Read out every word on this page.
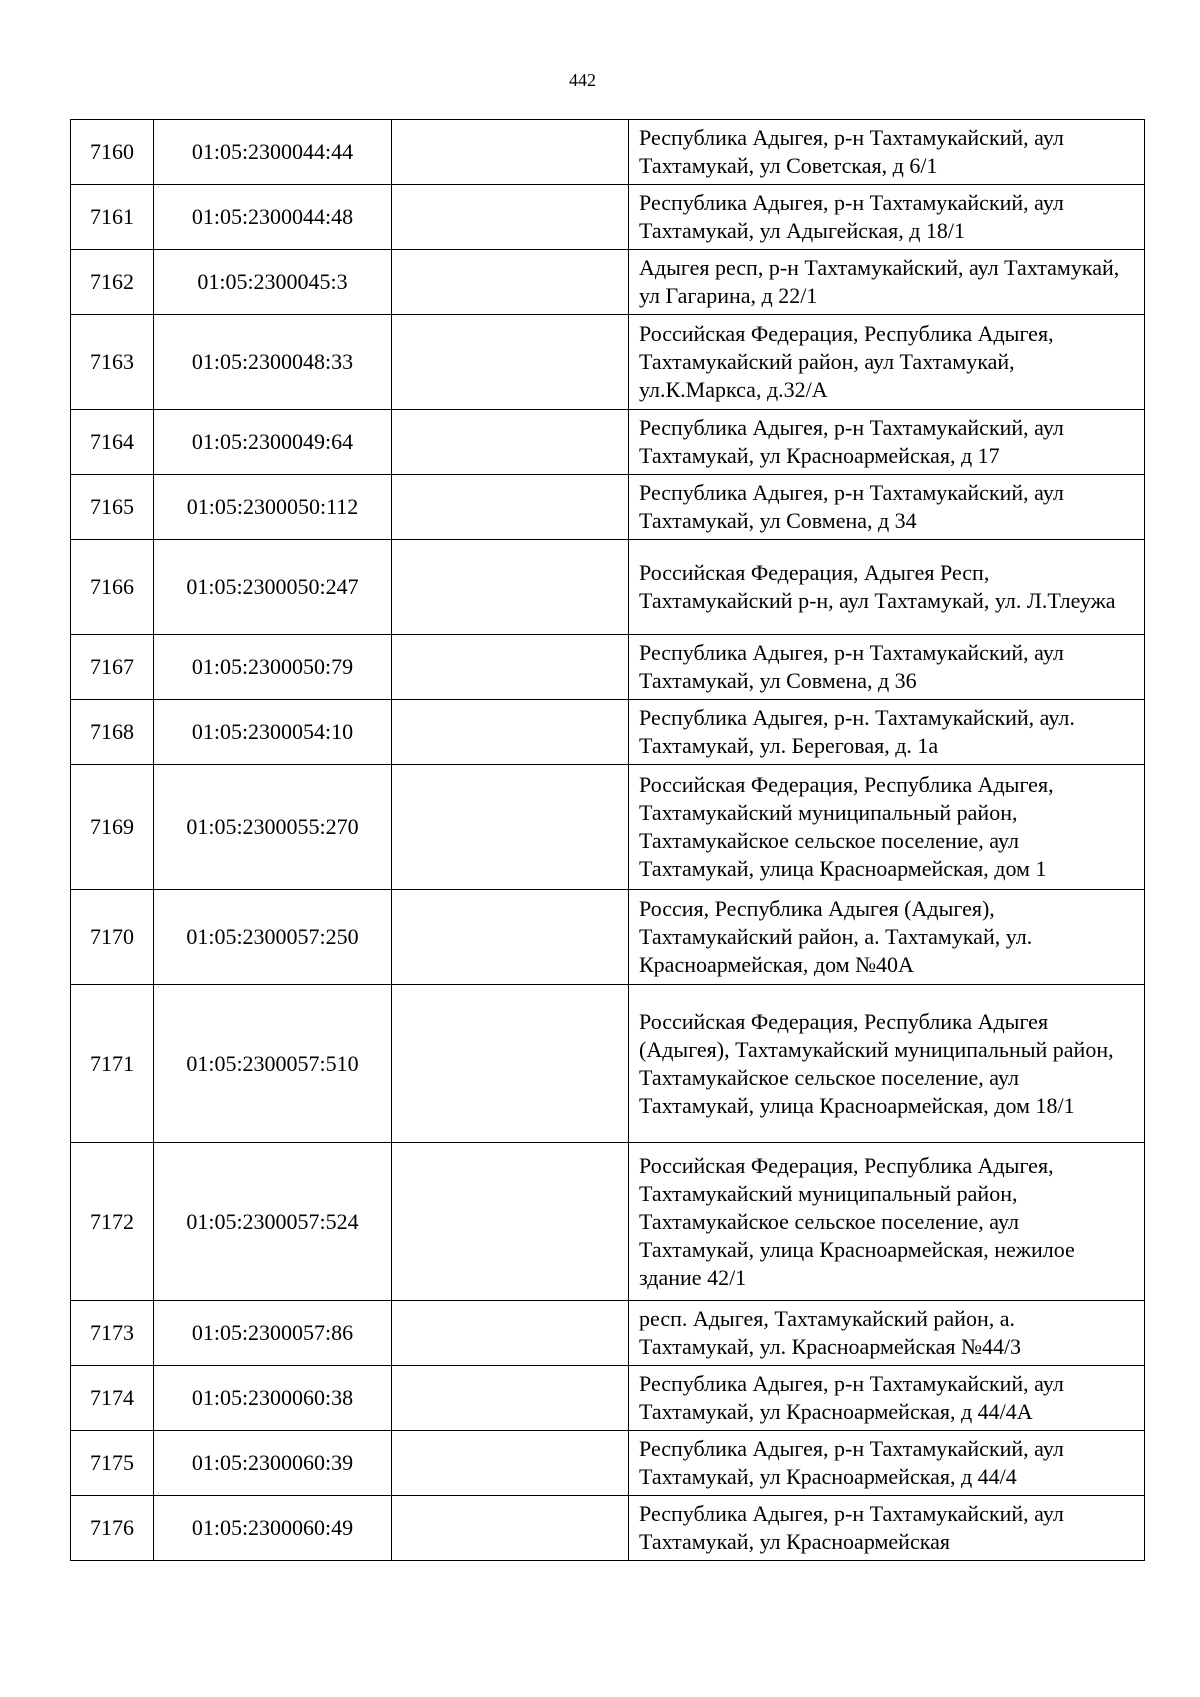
442
7160	01:05:2300044:44		Республика Адыгея, р-н Тахтамукайский, аул Тахтамукай, ул Советская, д 6/1
7161	01:05:2300044:48		Республика Адыгея, р-н Тахтамукайский, аул Тахтамукай, ул Адыгейская, д 18/1
7162	01:05:2300045:3		Адыгея респ, р-н Тахтамукайский, аул Тахтамукай, ул Гагарина, д 22/1
7163	01:05:2300048:33		Российская Федерация, Республика Адыгея, Тахтамукайский район, аул Тахтамукай, ул.К.Маркса, д.32/А
7164	01:05:2300049:64		Республика Адыгея, р-н Тахтамукайский, аул Тахтамукай, ул Красноармейская, д 17
7165	01:05:2300050:112		Республика Адыгея, р-н Тахтамукайский, аул Тахтамукай, ул Совмена, д 34
7166	01:05:2300050:247		Российская Федерация, Адыгея Респ, Тахтамукайский р-н, аул Тахтамукай, ул. Л.Тлеужа
7167	01:05:2300050:79		Республика Адыгея, р-н Тахтамукайский, аул Тахтамукай, ул Совмена, д 36
7168	01:05:2300054:10		Республика Адыгея, р-н. Тахтамукайский, аул. Тахтамукай, ул. Береговая, д. 1а
7169	01:05:2300055:270		Российская Федерация, Республика Адыгея, Тахтамукайский муниципальный район, Тахтамукайское сельское поселение, аул Тахтамукай, улица Красноармейская, дом 1
7170	01:05:2300057:250		Россия, Республика Адыгея (Адыгея), Тахтамукайский район, а. Тахтамукай, ул. Красноармейская, дом №40А
7171	01:05:2300057:510		Российская Федерация, Республика Адыгея (Адыгея), Тахтамукайский муниципальный район, Тахтамукайское сельское поселение, аул Тахтамукай, улица Красноармейская, дом 18/1
7172	01:05:2300057:524		Российская Федерация, Республика Адыгея, Тахтамукайский муниципальный район, Тахтамукайское сельское поселение, аул Тахтамукай, улица Красноармейская, нежилое здание 42/1
7173	01:05:2300057:86		респ. Адыгея, Тахтамукайский район, а. Тахтамукай, ул. Красноармейская №44/3
7174	01:05:2300060:38		Республика Адыгея, р-н Тахтамукайский, аул Тахтамукай, ул Красноармейская, д 44/4А
7175	01:05:2300060:39		Республика Адыгея, р-н Тахтамукайский, аул Тахтамукай, ул Красноармейская, д 44/4
7176	01:05:2300060:49		Республика Адыгея, р-н Тахтамукайский, аул Тахтамукай, ул Красноармейская
